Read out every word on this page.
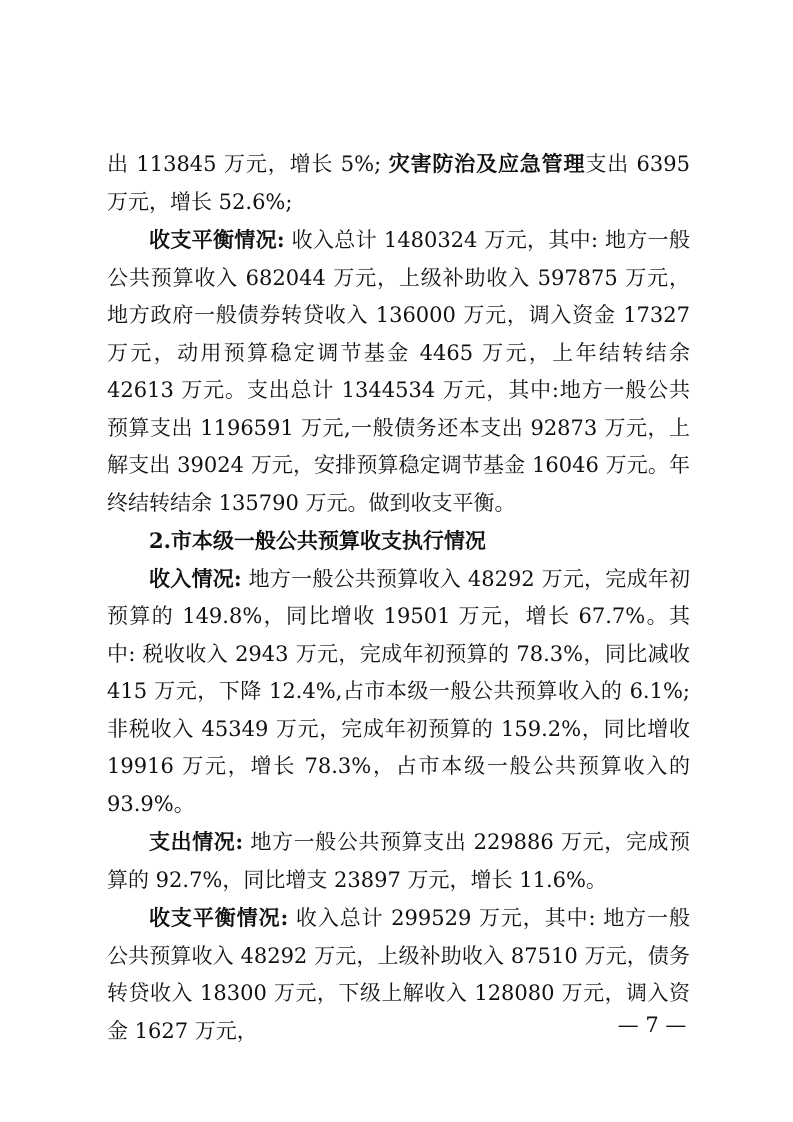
出 113845 万元，增长 5%; 灾害防治及应急管理支出 6395 万元，增长 52.6%;

收支平衡情况: 收入总计 1480324 万元，其中: 地方一般公共预算收入 682044 万元，上级补助收入 597875 万元，地方政府一般债券转贷收入 136000 万元，调入资金 17327 万元，动用预算稳定调节基金 4465 万元，上年结转结余 42613 万元。支出总计 1344534 万元，其中:地方一般公共预算支出 1196591 万元,一般债务还本支出 92873 万元，上解支出 39024 万元，安排预算稳定调节基金 16046 万元。年终结转结余 135790 万元。做到收支平衡。

2.市本级一般公共预算收支执行情况

收入情况: 地方一般公共预算收入 48292 万元，完成年初预算的 149.8%，同比增收 19501 万元，增长 67.7%。其中: 税收收入 2943 万元，完成年初预算的 78.3%，同比减收 415 万元，下降 12.4%,占市本级一般公共预算收入的 6.1%;非税收入 45349 万元，完成年初预算的 159.2%，同比增收 19916 万元，增长 78.3%，占市本级一般公共预算收入的 93.9%。

支出情况: 地方一般公共预算支出 229886 万元，完成预算的 92.7%，同比增支 23897 万元，增长 11.6%。

收支平衡情况: 收入总计 299529 万元，其中: 地方一般公共预算收入 48292 万元，上级补助收入 87510 万元，债务转贷收入 18300 万元，下级上解收入 128080 万元，调入资金 1627 万元，	— 7 —
